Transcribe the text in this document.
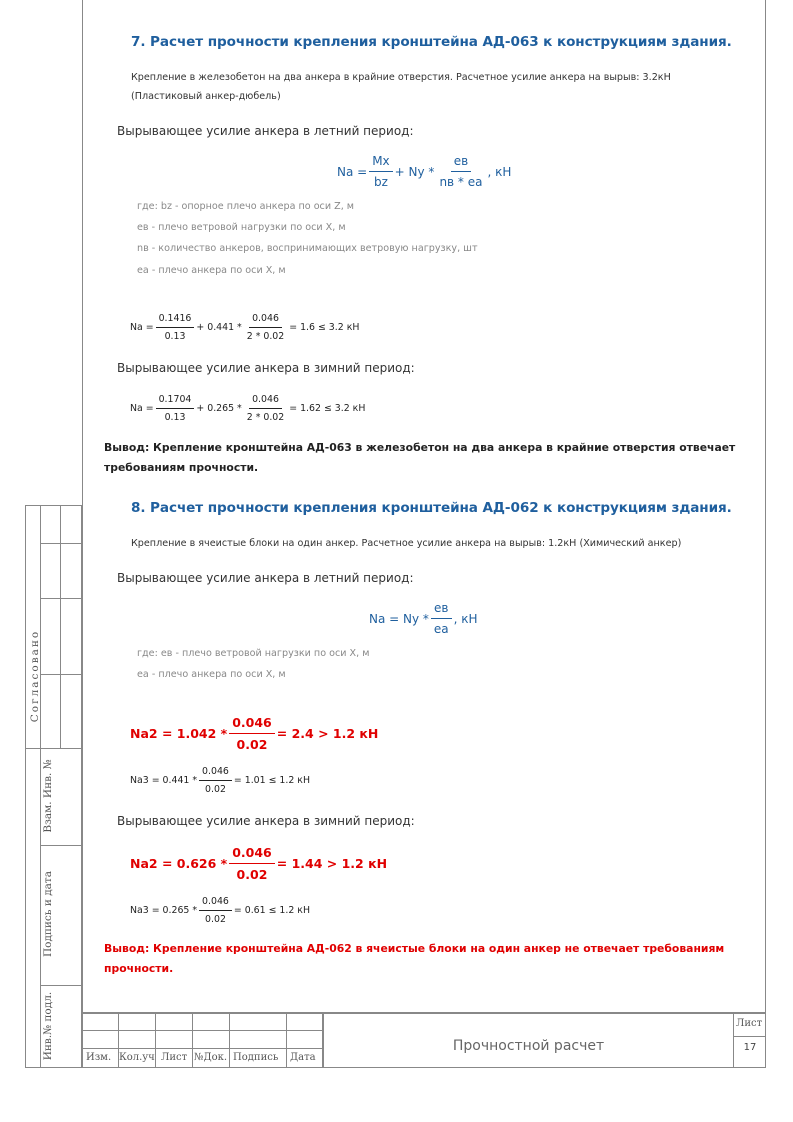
7. Расчет прочности крепления кронштейна АД-063 к конструкциям здания.
Крепление в железобетон на два анкера в крайние отверстия. Расчетное усилие анкера на вырыв: 3.2кН
(Пластиковый анкер-дюбель)
Вырывающее усилие анкера в летний период:
$Na = \frac{Mx}{bz} + Ny * \frac{ев}{nв * еа}$ , кН
где: bz - опорное плечо анкера по оси Z, м
ев - плечо ветровой нагрузки по оси X, м
nв - количество анкеров, воспринимающих ветровую нагрузку, шт
еа - плечо анкера по оси X, м
$Na = \frac{0.1416}{0.13} + 0.441 * \frac{0.046}{2 * 0.02} = 1.6 \le 3.2$ кН
Вырывающее усилие анкера в зимний период:
$Na = \frac{0.1704}{0.13} + 0.265 * \frac{0.046}{2 * 0.02} = 1.62 \le 3.2$ кН
Вывод: Крепление кронштейна АД-063 в железобетон на два анкера в крайние отверстия отвечает
требованиям прочности.
8. Расчет прочности крепления кронштейна АД-062 к конструкциям здания.
Крепление в ячеистые блоки на один анкер. Расчетное усилие анкера на вырыв: 1.2кН (Химический анкер)
Вырывающее усилие анкера в летний период:
$Na = Ny * \frac{ев}{еа}$ , кН
где: ев - плечо ветровой нагрузки по оси X, м
еа - плечо анкера по оси X, м
$Na2 = 1.042 * \frac{0.046}{0.02} = 2.4 > 1.2$ кН
$Na3 = 0.441 * \frac{0.046}{0.02} = 1.01 \le 1.2$ кН
Вырывающее усилие анкера в зимний период:
$Na2 = 0.626 * \frac{0.046}{0.02} = 1.44 > 1.2$ кН
$Na3 = 0.265 * \frac{0.046}{0.02} = 0.61 \le 1.2$ кН
Вывод: Крепление кронштейна АД-062 в ячеистые блоки на один анкер не отвечает требованиям
прочности.
Согласовано
Взам. Инв. №
Подпись и дата
Инв.№ подл.	Изм. Кол.уч Лист №Док. Подпись Дата
Прочностной расчет
Лист
17
